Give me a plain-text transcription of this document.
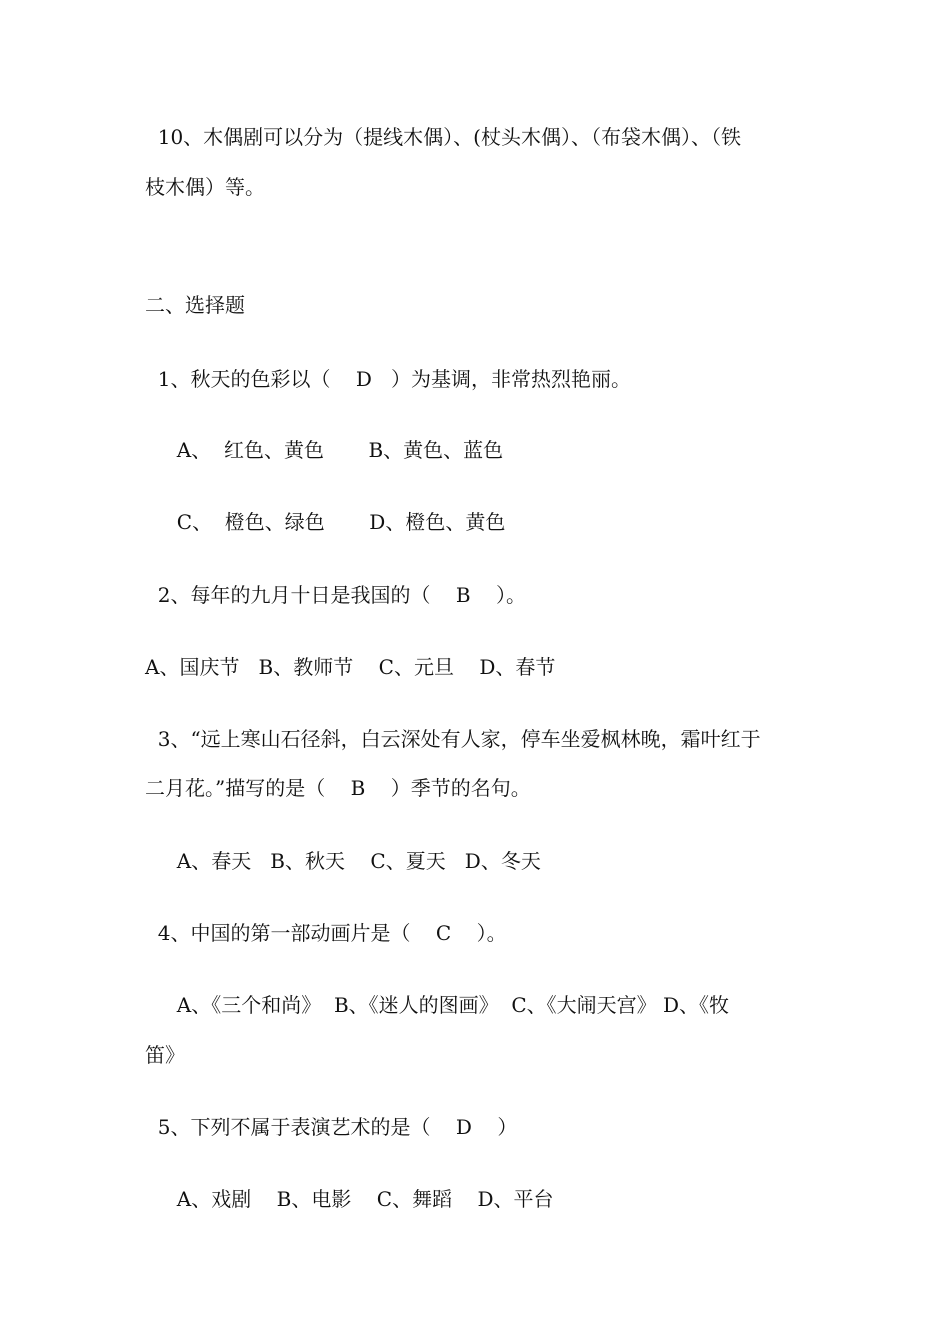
10、木偶剧可以分为（提线木偶）、(杖头木偶）、（布袋木偶）、（铁
枝木偶）等。
二、选择题
1、秋天的色彩以（    D   ）为基调，非常热烈艳丽。
A、  红色、黄色       B、黄色、蓝色
C、  橙色、绿色       D、橙色、黄色
2、每年的九月十日是我国的（    B    ）。
A、国庆节   B、教师节    C、元旦    D、春节
3、“远上寒山石径斜，白云深处有人家，停车坐爱枫林晚，霜叶红于
二月花。”描写的是（    B    ）季节的名句。
A、春天   B、秋天    C、夏天   D、冬天
4、中国的第一部动画片是（    C    ）。
A、《三个和尚》  B、《迷人的图画》  C、《大闹天宫》 D、《牧
笛》
5、下列不属于表演艺术的是（    D    ）
A、戏剧    B、电影    C、舞蹈    D、平台
